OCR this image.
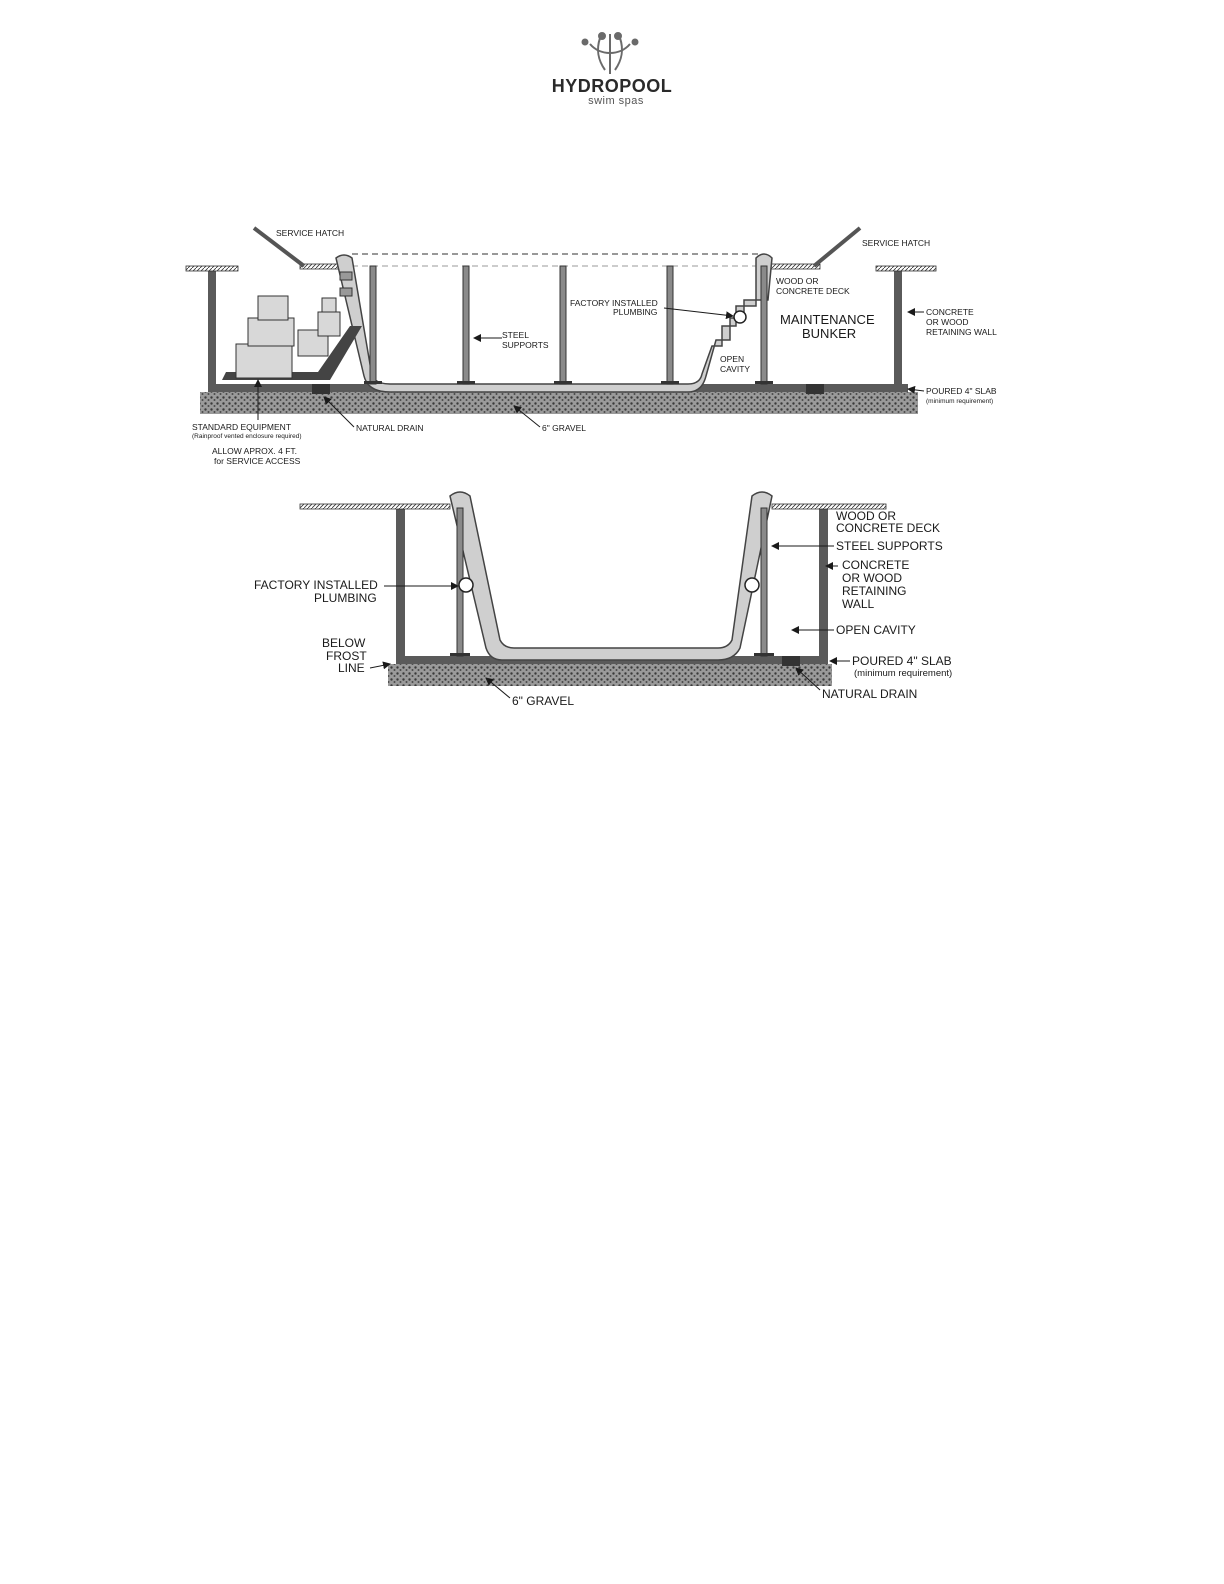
HYDROPOOL
swim spas
SERVICE HATCH
SERVICE HATCH
WOOD OR
CONCRETE DECK
FACTORY INSTALLED
PLUMBING	CONCRETE
OR WOOD
RETAINING WALL
STEEL
SUPPORTS
OPEN
CAVITY
POURED 4" SLAB
(minimum requirement)
STANDARD EQUIPMENT
(Rainproof vented enclosure required)
NATURAL DRAIN	6" GRAVEL
ALLOW APROX. 4 FT.
for SERVICE ACCESS
MAINTENANCE
BUNKER
WOOD OR
CONCRETE DECK
STEEL SUPPORTS
CONCRETE
OR WOOD
RETAINING
WALL
FACTORY INSTALLED
PLUMBING
OPEN CAVITY
BELOW
FROST
LINE	POURED 4" SLAB
NATURAL DRAIN
6" GRAVEL
(minimum requirement)
